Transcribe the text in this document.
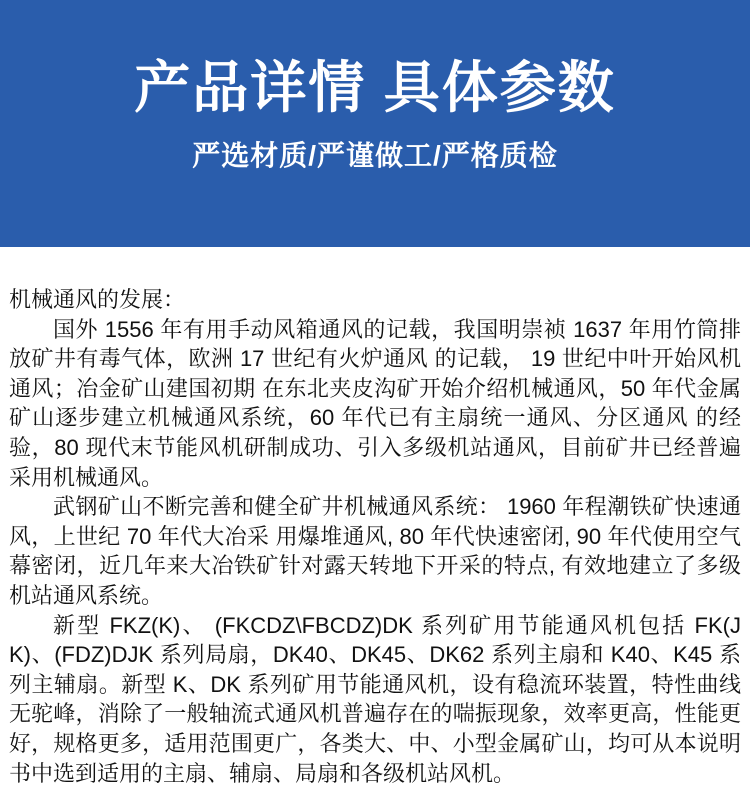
产品详情 具体参数
严选材质/严谨做工/严格质检

机械通风的发展：

国外 1556 年有用手动风箱通风的记载，我国明崇祯 1637 年用竹筒排放矿井有毒气体，欧洲 17 世纪有火炉通风 的记载， 19 世纪中叶开始风机通风；冶金矿山建国初期 在东北夹皮沟矿开始介绍机械通风，50 年代金属矿山逐步建立机械通风系统，60 年代已有主扇统一通风、分区通风 的经验，80 现代末节能风机研制成功、引入多级机站通风，目前矿井已经普遍采用机械通风。

武钢矿山不断完善和健全矿井机械通风系统： 1960 年程潮铁矿快速通风，上世纪 70 年代大冶采 用爆堆通风, 80 年代快速密闭, 90 年代使用空气幕密闭，近几年来大冶铁矿针对露天转地下开采的特点, 有效地建立了多级机站通风系统。

新型 FKZ(K)、 (FKCDZ\FBCDZ)DK 系列矿用节能通风机包括 FK(JK)、(FDZ)DJK 系列局扇，DK40、DK45、DK62 系列主扇和 K40、K45 系列主辅扇。新型 K、DK 系列矿用节能通风机，设有稳流环装置，特性曲线无驼峰，消除了一般轴流式通风机普遍存在的喘振现象，效率更高，性能更好，规格更多，适用范围更广，各类大、中、小型金属矿山，均可从本说明书中选到适用的主扇、辅扇、局扇和各级机站风机。
